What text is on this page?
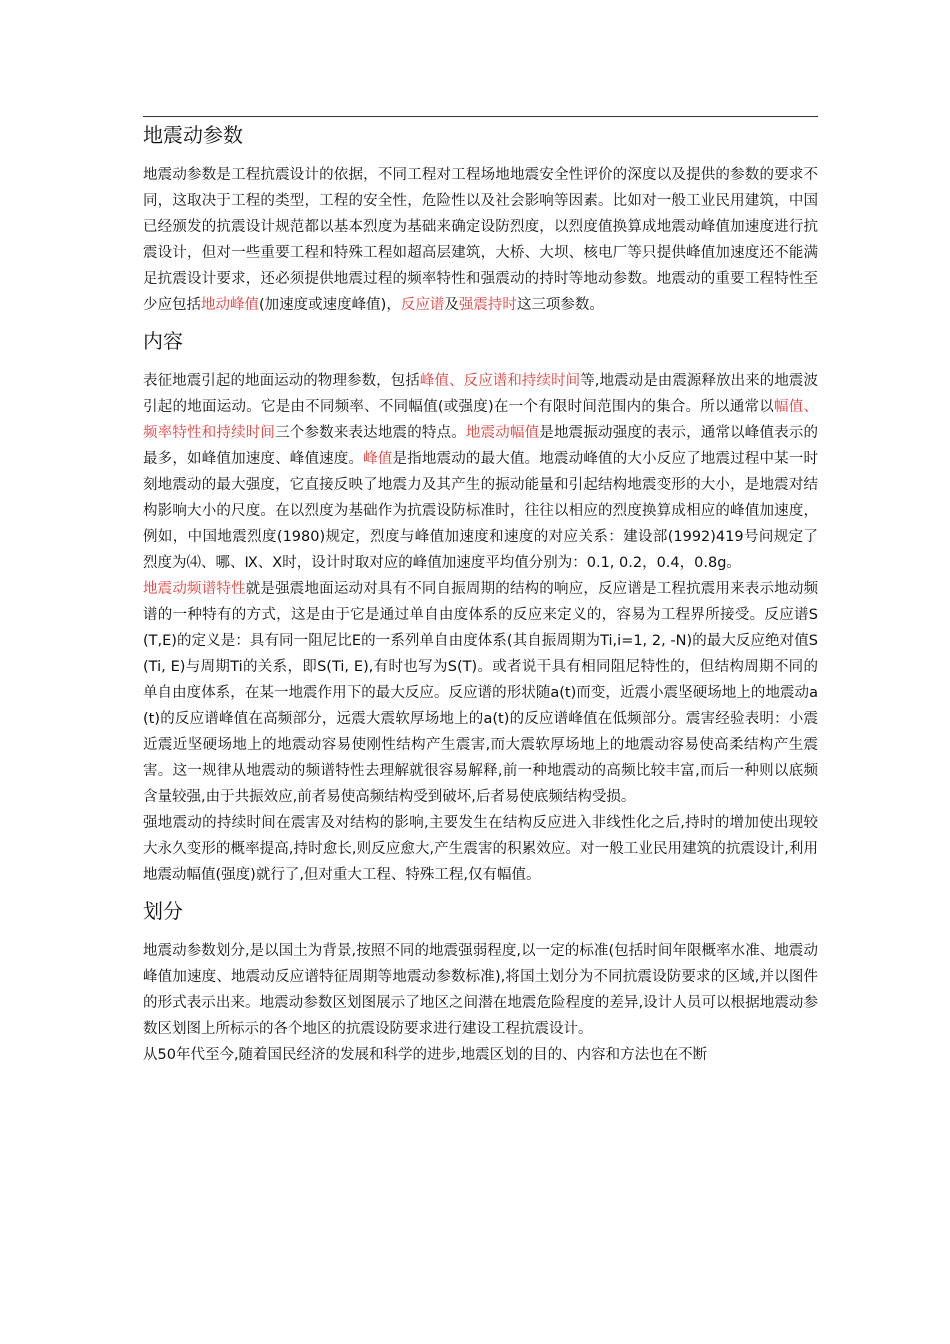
地震动参数

地震动参数是工程抗震设计的依据，不同工程对工程场地地震安全性评价的深度以及提供的参数的要求不同，这取决于工程的类型，工程的安全性，危险性以及社会影响等因素。比如对一般工业民用建筑，中国已经颁发的抗震设计规范都以基本烈度为基础来确定设防烈度，以烈度值换算成地震动峰值加速度进行抗震设计，但对一些重要工程和特殊工程如超高层建筑，大桥、大坝、核电厂等只提供峰值加速度还不能满足抗震设计要求，还必须提供地震过程的频率特性和强震动的持时等地动参数。地震动的重要工程特性至少应包括地动峰值(加速度或速度峰值)，反应谱及强震持时这三项参数。

内容

表征地震引起的地面运动的物理参数，包括峰值、反应谱和持续时间等,地震动是由震源释放出来的地震波引起的地面运动。它是由不同频率、不同幅值(或强度)在一个有限时间范围内的集合。所以通常以幅值、频率特性和持续时间三个参数来表达地震的特点。地震动幅值是地震振动强度的表示，通常以峰值表示的最多，如峰值加速度、峰值速度。峰值是指地震动的最大值。地震动峰值的大小反应了地震过程中某一时刻地震动的最大强度，它直接反映了地震力及其产生的振动能量和引起结构地震变形的大小，是地震对结构影响大小的尺度。在以烈度为基础作为抗震设防标准时，往往以相应的烈度换算成相应的峰值加速度，例如，中国地震烈度(1980)规定，烈度与峰值加速度和速度的对应关系：建设部(1992)419号问规定了烈度为⑷、哪、Ⅸ、Ⅹ时，设计时取对应的峰值加速度平均值分别为：0.1, 0.2，0.4，0.8g。

地震动频谱特性就是强震地面运动对具有不同自振周期的结构的响应，反应谱是工程抗震用来表示地动频谱的一种特有的方式，这是由于它是通过单自由度体系的反应来定义的，容易为工程界所接受。反应谱S(T,E)的定义是：具有同一阻尼比E的一系列单自由度体系(其自振周期为Ti,i=1, 2, -N)的最大反应绝对值S(Ti, E)与周期Ti的关系，即S(Ti, E),有时也写为S(T)。或者说干具有相同阻尼特性的，但结构周期不同的单自由度体系，在某一地震作用下的最大反应。反应谱的形状随a(t)而变，近震小震坚硬场地上的地震动a(t)的反应谱峰值在高频部分，远震大震软厚场地上的a(t)的反应谱峰值在低频部分。震害经验表明：小震近震近坚硬场地上的地震动容易使刚性结构产生震害,而大震软厚场地上的地震动容易使高柔结构产生震害。这一规律从地震动的频谱特性去理解就很容易解释,前一种地震动的高频比较丰富,而后一种则以底频含量较强,由于共振效应,前者易使高频结构受到破坏,后者易使底频结构受损。

强地震动的持续时间在震害及对结构的影响,主要发生在结构反应进入非线性化之后,持时的增加使出现较大永久变形的概率提高,持时愈长,则反应愈大,产生震害的积累效应。对一般工业民用建筑的抗震设计,利用地震动幅值(强度)就行了,但对重大工程、特殊工程,仅有幅值。

划分

地震动参数划分,是以国土为背景,按照不同的地震强弱程度,以一定的标准(包括时间年限概率水准、地震动峰值加速度、地震动反应谱特征周期等地震动参数标准),将国土划分为不同抗震设防要求的区域,并以图件的形式表示出来。地震动参数区划图展示了地区之间潜在地震危险程度的差异,设计人员可以根据地震动参数区划图上所标示的各个地区的抗震设防要求进行建设工程抗震设计。

从50年代至今,随着国民经济的发展和科学的进步,地震区划的目的、内容和方法也在不断
